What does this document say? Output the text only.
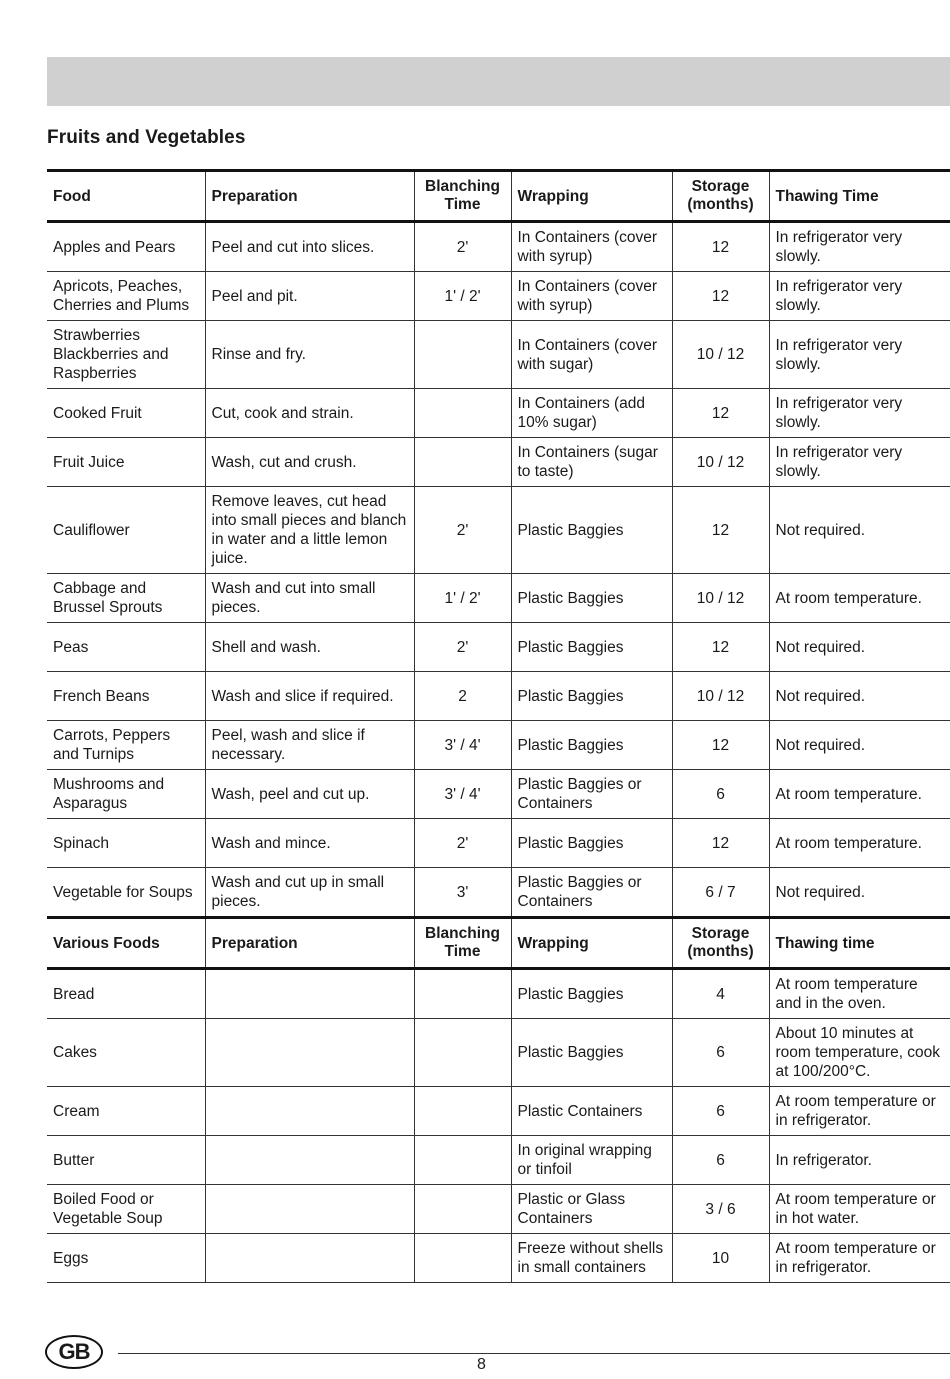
Fruits and Vegetables
Food	Preparation	Blanching Time	Wrapping	Storage (months)	Thawing Time
Apples and Pears	Peel and cut into slices.	2'	In Containers (cover with syrup)	12	In refrigerator very slowly.
Apricots, Peaches, Cherries and Plums	Peel and pit.	1' / 2'	In Containers (cover with syrup)	12	In refrigerator very slowly.
Strawberries Blackberries and Raspberries	Rinse and fry.		In Containers (cover with sugar)	10 / 12	In refrigerator very slowly.
Cooked Fruit	Cut, cook and strain.		In Containers (add 10% sugar)	12	In refrigerator very slowly.
Fruit Juice	Wash, cut and crush.		In Containers (sugar to taste)	10 / 12	In refrigerator very slowly.
Cauliflower	Remove leaves, cut head into small pieces and blanch in water and a little lemon juice.	2'	Plastic Baggies	12	Not required.
Cabbage and Brussel Sprouts	Wash and cut into small pieces.	1' / 2'	Plastic Baggies	10 / 12	At room temperature.
Peas	Shell and wash.	2'	Plastic Baggies	12	Not required.
French Beans	Wash and slice if required.	2	Plastic Baggies	10 / 12	Not required.
Carrots, Peppers and Turnips	Peel, wash and slice if necessary.	3' / 4'	Plastic Baggies	12	Not required.
Mushrooms and Asparagus	Wash, peel and cut up.	3' / 4'	Plastic Baggies or Containers	6	At room temperature.
Spinach	Wash and mince.	2'	Plastic Baggies	12	At room temperature.
Vegetable for Soups	Wash and cut up in small pieces.	3'	Plastic Baggies or Containers	6 / 7	Not required.
Various Foods	Preparation	Blanching Time	Wrapping	Storage (months)	Thawing time
Bread			Plastic Baggies	4	At room temperature and in the oven.
Cakes			Plastic Baggies	6	About 10 minutes at room temperature, cook at 100/200°C.
Cream			Plastic Containers	6	At room temperature or in refrigerator.
Butter			In original wrapping or tinfoil	6	In refrigerator.
Boiled Food or Vegetable Soup			Plastic or Glass Containers	3 / 6	At room temperature or in hot water.
Eggs			Freeze without shells in small containers	10	At room temperature or in refrigerator.
GB
8
